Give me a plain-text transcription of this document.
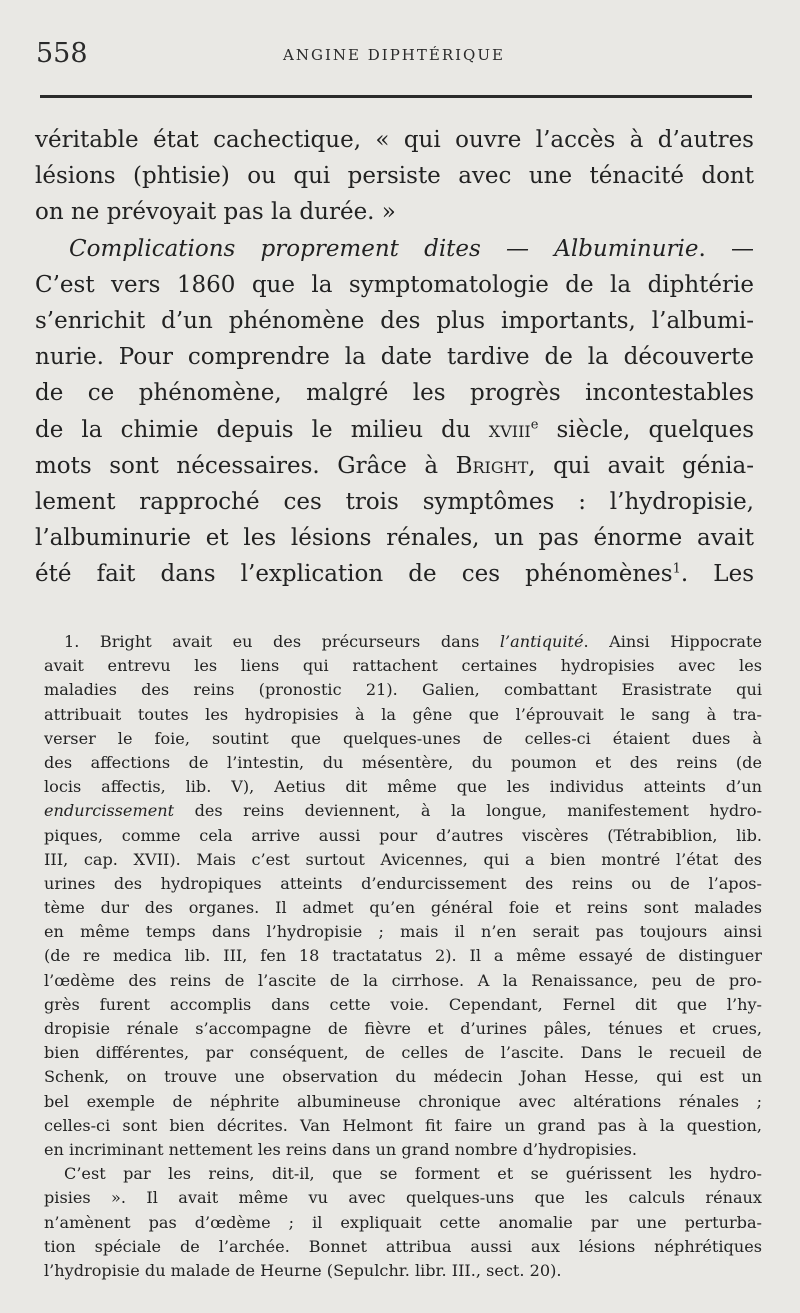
558	ANGINE DIPHTÉRIQUE
véritable état cachectique, « qui ouvre l’accès à d’autres
lésions (phtisie) ou qui persiste avec une ténacité dont
on ne prévoyait pas la durée. »
Complications proprement dites — Albuminurie. —
C’est vers 1860 que la symptomatologie de la diphtérie
s’enrichit d’un phénomène des plus importants, l’albumi-
nurie. Pour comprendre la date tardive de la découverte
de ce phénomène, malgré les progrès incontestables
de la chimie depuis le milieu du xviii$^e$ siècle, quelques
mots sont nécessaires. Grâce à Bright, qui avait génia-
lement rapproché ces trois symptômes : l’hydropisie,
l’albuminurie et les lésions rénales, un pas énorme avait
été fait dans l’explication de ces phénomènes$^1$. Les
1. Bright avait eu des précurseurs dans l’antiquité. Ainsi Hippocrate
avait entrevu les liens qui rattachent certaines hydropisies avec les
maladies des reins (pronostic 21). Galien, combattant Erasistrate qui
attribuait toutes les hydropisies à la gêne que l’éprouvait le sang à tra-
verser le foie, soutint que quelques-unes de celles-ci étaient dues à
des affections de l’intestin, du mésentère, du poumon et des reins (de
locis affectis, lib. V), Aetius dit même que les individus atteints d’un
endurcissement des reins deviennent, à la longue, manifestement hydro-
piques, comme cela arrive aussi pour d’autres viscères (Tétrabiblion, lib.
III, cap. XVII). Mais c’est surtout Avicennes, qui a bien montré l’état des
urines des hydropiques atteints d’endurcissement des reins ou de l’apos-
tème dur des organes. Il admet qu’en général foie et reins sont malades
en même temps dans l’hydropisie ; mais il n’en serait pas toujours ainsi
(de re medica lib. III, fen 18 tractatatus 2). Il a même essayé de distinguer
l’œdème des reins de l’ascite de la cirrhose. A la Renaissance, peu de pro-
grès furent accomplis dans cette voie. Cependant, Fernel dit que l’hy-
dropisie rénale s’accompagne de fièvre et d’urines pâles, ténues et crues,
bien différentes, par conséquent, de celles de l’ascite. Dans le recueil de
Schenk, on trouve une observation du médecin Johan Hesse, qui est un
bel exemple de néphrite albumineuse chronique avec altérations rénales ;
celles-ci sont bien décrites. Van Helmont fit faire un grand pas à la question,
en incriminant nettement les reins dans un grand nombre d’hydropisies.
C’est par les reins, dit-il, que se forment et se guérissent les hydro-
pisies ». Il avait même vu avec quelques-uns que les calculs rénaux
n’amènent pas d’œdème ; il expliquait cette anomalie par une perturba-
tion spéciale de l’archée. Bonnet attribua aussi aux lésions néphrétiques
l’hydropisie du malade de Heurne (Sepulchr. libr. III., sect. 20).
